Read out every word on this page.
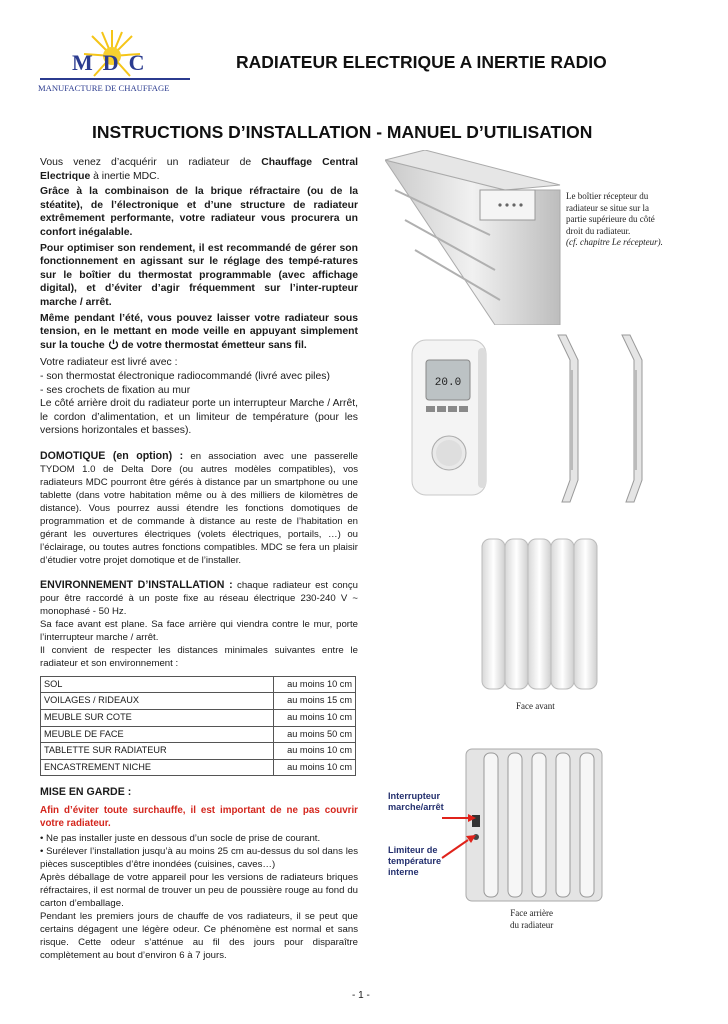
MDC
MANUFACTURE DE CHAUFFAGE
RADIATEUR ELECTRIQUE A INERTIE RADIO
INSTRUCTIONS D’INSTALLATION - MANUEL D’UTILISATION

Vous venez d’acquérir un radiateur de Chauffage Central Electrique à inertie MDC.

Grâce à la combinaison de la brique réfractaire (ou de la stéatite), de l’électronique et d’une structure de radiateur extrêmement performante, votre radiateur vous procurera un confort inégalable.

Pour optimiser son rendement, il est recommandé de gérer son fonctionnement en agissant sur le réglage des tempé-ratures sur le boîtier du thermostat programmable (avec affichage digital), et d’éviter d’agir fréquemment sur l’inter-rupteur marche / arrêt.

Même pendant l’été, vous pouvez laisser votre radiateur sous tension, en le mettant en mode veille en appuyant simplement sur la touche  de votre thermostat émetteur sans fil.

Votre radiateur est livré avec :
- son thermostat électronique radiocommandé (livré avec piles)
- ses crochets de fixation au mur

Le côté arrière droit du radiateur porte un interrupteur Marche / Arrêt, le cordon d’alimentation, et un limiteur de température (pour les versions horizontales et basses).

DOMOTIQUE (en option) : en association avec une passerelle TYDOM 1.0 de Delta Dore (ou autres modèles compatibles), vos radiateurs MDC pourront être gérés à distance par un smartphone ou une tablette (dans votre habitation même ou à des milliers de kilomètres de distance). Vous pourrez aussi étendre les fonctions domotiques de programmation et de commande à distance au reste de l’habitation en gérant les ouvertures électriques (volets électriques, portails, …) ou l’éclairage, ou toutes autres fonctions compatibles. MDC se fera un plaisir d’étudier votre projet domotique et de l’installer.

ENVIRONNEMENT D’INSTALLATION : chaque radiateur est conçu pour être raccordé à un poste fixe au réseau électrique 230-240 V ~ monophasé - 50 Hz.
Sa face avant est plane. Sa face arrière qui viendra contre le mur, porte l’interrupteur marche / arrêt.
Il convient de respecter les distances minimales suivantes entre le radiateur et son environnement :

SOL	au moins 10 cm
VOILAGES / RIDEAUX	au moins 15 cm
MEUBLE SUR COTE	au moins 10 cm
MEUBLE DE FACE	au moins 50 cm
TABLETTE SUR RADIATEUR	au moins 10 cm
ENCASTREMENT NICHE	au moins 10 cm

MISE EN GARDE :

Afin d’éviter toute surchauffe, il est important de ne pas couvrir votre radiateur.

• Ne pas installer juste en dessous d’un socle de prise de courant.
• Surélever l’installation jusqu’à au moins 25 cm au-dessus du sol dans les pièces susceptibles d’être inondées (cuisines, caves…)
Après déballage de votre appareil pour les versions de radiateurs briques réfractaires, il est normal de trouver un peu de poussière rouge au fond du carton d’emballage.
Pendant les premiers jours de chauffe de vos radiateurs, il se peut que certains dégagent une légère odeur. Ce phénomène est normal et sans risque. Cette odeur s’atténue au fil des jours pour disparaître complètement au bout d’environ 6 à 7 jours.

Le boîtier récepteur du
radiateur se situe sur la
partie supérieure du côté
droit du radiateur.
(cf. chapitre Le récepteur).
20.0
Face avant
Face arrière
du radiateur
Interrupteur
marche/arrêt
Limiteur de
température
interne
- 1 -
